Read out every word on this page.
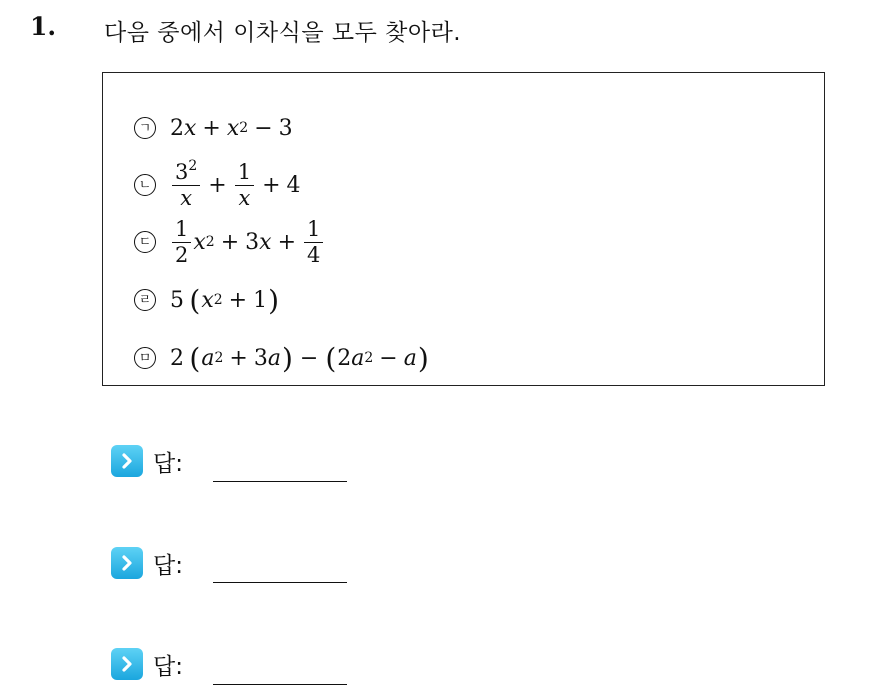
1. 다음 중에서 이차식을 모두 찾아라.
ㄱ 2 x + x 2 − 3
ㄴ $\frac{3^2}{x} + \frac{1}{x} + 4$
ㄷ $\frac{1}{2}$ x 2 + 3 $x + \frac{1}{4}$
ㄹ 5  ( x 2 + 1 )
ㅁ 2  ( a 2 + 3 a ) − ( 2 a 2 − a )
답:
답:
답:
